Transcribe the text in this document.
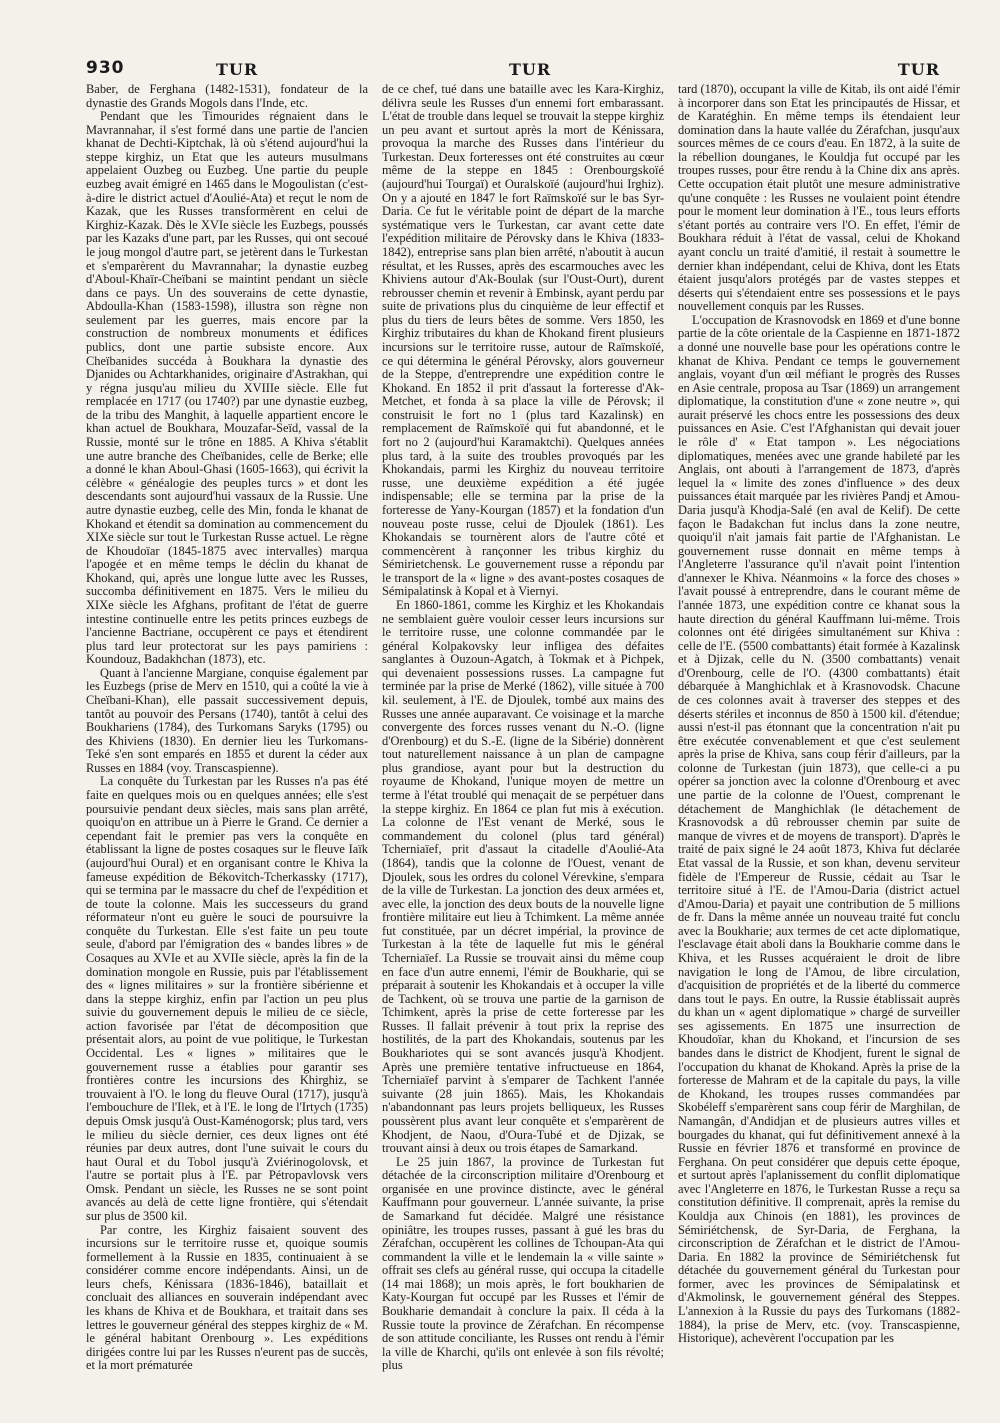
930	TUR	TUR	TUR

Baber, de Ferghana (1482-1531), fondateur de la dynastie des Grands Mogols dans l'Inde, etc.

Pendant que les Timourides régnaient dans le Mavrannahar, il s'est formé dans une partie de l'ancien khanat de Dechti-Kiptchak, là où s'étend aujourd'hui la steppe kirghiz, un Etat que les auteurs musulmans appelaient Ouzbeg ou Euzbeg. Une partie du peuple euzbeg avait émigré en 1465 dans le Mogoulistan (c'est-à-dire le district actuel d'Aoulié-Ata) et reçut le nom de Kazak, que les Russes transformèrent en celui de Kirghiz-Kazak. Dès le XVIe siècle les Euzbegs, poussés par les Kazaks d'une part, par les Russes, qui ont secoué le joug mongol d'autre part, se jetèrent dans le Turkestan et s'emparèrent du Mavrannahar; la dynastie euzbeg d'Aboul-Khaïr-Cheïbani se maintint pendant un siècle dans ce pays. Un des souverains de cette dynastie, Abdoulla-Khan (1583-1598), illustra son règne non seulement par les guerres, mais encore par la construction de nombreux monuments et édifices publics, dont une partie subsiste encore. Aux Cheïbanides succéda à Boukhara la dynastie des Djanides ou Achtarkhanides, originaire d'Astrakhan, qui y régna jusqu'au milieu du XVIIIe siècle. Elle fut remplacée en 1717 (ou 1740?) par une dynastie euzbeg, de la tribu des Manghit, à laquelle appartient encore le khan actuel de Boukhara, Mouzafar-Seïd, vassal de la Russie, monté sur le trône en 1885. A Khiva s'établit une autre branche des Cheïbanides, celle de Berke; elle a donné le khan Aboul-Ghasi (1605-1663), qui écrivit la célèbre « généalogie des peuples turcs » et dont les descendants sont aujourd'hui vassaux de la Russie. Une autre dynastie euzbeg, celle des Min, fonda le khanat de Khokand et étendit sa domination au commencement du XIXe siècle sur tout le Turkestan Russe actuel. Le règne de Khoudoïar (1845-1875 avec intervalles) marqua l'apogée et en même temps le déclin du khanat de Khokand, qui, après une longue lutte avec les Russes, succomba définitivement en 1875. Vers le milieu du XIXe siècle les Afghans, profitant de l'état de guerre intestine continuelle entre les petits princes euzbegs de l'ancienne Bactriane, occupèrent ce pays et étendirent plus tard leur protectorat sur les pays pamiriens : Koundouz, Badakhchan (1873), etc.

Quant à l'ancienne Margiane, conquise également par les Euzbegs (prise de Merv en 1510, qui a coûté la vie à Cheïbani-Khan), elle passait successivement depuis, tantôt au pouvoir des Persans (1740), tantôt à celui des Boukhariens (1784), des Turkomans Saryks (1795) ou des Khiviens (1830). En dernier lieu les Turkomans-Teké s'en sont emparés en 1855 et durent la céder aux Russes en 1884 (voy. Transcaspienne).

La conquête du Turkestan par les Russes n'a pas été faite en quelques mois ou en quelques années; elle s'est poursuivie pendant deux siècles, mais sans plan arrêté, quoiqu'on en attribue un à Pierre le Grand. Ce dernier a cependant fait le premier pas vers la conquête en établissant la ligne de postes cosaques sur le fleuve Iaïk (aujourd'hui Oural) et en organisant contre le Khiva la fameuse expédition de Békovitch-Tcherkassky (1717), qui se termina par le massacre du chef de l'expédition et de toute la colonne. Mais les successeurs du grand réformateur n'ont eu guère le souci de poursuivre la conquête du Turkestan. Elle s'est faite un peu toute seule, d'abord par l'émigration des « bandes libres » de Cosaques au XVIe et au XVIIe siècle, après la fin de la domination mongole en Russie, puis par l'établissement des « lignes militaires » sur la frontière sibérienne et dans la steppe kirghiz, enfin par l'action un peu plus suivie du gouvernement depuis le milieu de ce siècle, action favorisée par l'état de décomposition que présentait alors, au point de vue politique, le Turkestan Occidental. Les « lignes » militaires que le gouvernement russe a établies pour garantir ses frontières contre les incursions des Khirghiz, se trouvaient à l'O. le long du fleuve Oural (1717), jusqu'à l'embouchure de l'Ilek, et à l'E. le long de l'Irtych (1735) depuis Omsk jusqu'à Oust-Kaménogorsk; plus tard, vers le milieu du siècle dernier, ces deux lignes ont été réunies par deux autres, dont l'une suivait le cours du haut Oural et du Tobol jusqu'à Zviérinogolovsk, et l'autre se portait plus à l'E. par Pétropavlovsk vers Omsk. Pendant un siècle, les Russes ne se sont point avancés au delà de cette ligne frontière, qui s'étendait sur plus de 3500 kil.

Par contre, les Kirghiz faisaient souvent des incursions sur le territoire russe et, quoique soumis formellement à la Russie en 1835, continuaient à se considérer comme encore indépendants. Ainsi, un de leurs chefs, Kénissara (1836-1846), bataillait et concluait des alliances en souverain indépendant avec les khans de Khiva et de Boukhara, et traitait dans ses lettres le gouverneur général des steppes kirghiz de « M. le général habitant Orenbourg ». Les expéditions dirigées contre lui par les Russes n'eurent pas de succès, et la mort prématurée

de ce chef, tué dans une bataille avec les Kara-Kirghiz, délivra seule les Russes d'un ennemi fort embarassant. L'état de trouble dans lequel se trouvait la steppe kirghiz un peu avant et surtout après la mort de Kénissara, provoqua la marche des Russes dans l'intérieur du Turkestan. Deux forteresses ont été construites au cœur même de la steppe en 1845 : Orenbourgskoïé (aujourd'hui Tourgaï) et Ouralskoïé (aujourd'hui Irghiz). On y a ajouté en 1847 le fort Raïmskoïé sur le bas Syr-Daria. Ce fut le véritable point de départ de la marche systématique vers le Turkestan, car avant cette date l'expédition militaire de Pérovsky dans le Khiva (1833-1842), entreprise sans plan bien arrêté, n'aboutit à aucun résultat, et les Russes, après des escarmouches avec les Khiviens autour d'Ak-Boulak (sur l'Oust-Ourt), durent rebrousser chemin et revenir à Embinsk, ayant perdu par suite de privations plus du cinquième de leur effectif et plus du tiers de leurs bêtes de somme. Vers 1850, les Kirghiz tributaires du khan de Khokand firent plusieurs incursions sur le territoire russe, autour de Raïmskoïé, ce qui détermina le général Pérovsky, alors gouverneur de la Steppe, d'entreprendre une expédition contre le Khokand. En 1852 il prit d'assaut la forteresse d'Ak-Metchet, et fonda à sa place la ville de Pérovsk; il construisit le fort no 1 (plus tard Kazalinsk) en remplacement de Raïmskoïé qui fut abandonné, et le fort no 2 (aujourd'hui Karamaktchi). Quelques années plus tard, à la suite des troubles provoqués par les Khokandais, parmi les Kirghiz du nouveau territoire russe, une deuxième expédition a été jugée indispensable; elle se termina par la prise de la forteresse de Yany-Kourgan (1857) et la fondation d'un nouveau poste russe, celui de Djoulek (1861). Les Khokandais se tournèrent alors de l'autre côté et commencèrent à rançonner les tribus kirghiz du Sémirietchensk. Le gouvernement russe a répondu par le transport de la « ligne » des avant-postes cosaques de Sémipalatinsk à Kopal et à Viernyi.

En 1860-1861, comme les Kirghiz et les Khokandais ne semblaient guère vouloir cesser leurs incursions sur le territoire russe, une colonne commandée par le général Kolpakovsky leur infligea des défaites sanglantes à Ouzoun-Agatch, à Tokmak et à Pichpek, qui devenaient possessions russes. La campagne fut terminée par la prise de Merké (1862), ville située à 700 kil. seulement, à l'E. de Djoulek, tombé aux mains des Russes une année auparavant. Ce voisinage et la marche convergente des forces russes venant du N.-O. (ligne d'Orenbourg) et du S.-E. (ligne de la Sibérie) donnèrent tout naturellement naissance à un plan de campagne plus grandiose, ayant pour but la destruction du royaume de Khokand, l'unique moyen de mettre un terme à l'état troublé qui menaçait de se perpétuer dans la steppe kirghiz. En 1864 ce plan fut mis à exécution. La colonne de l'Est venant de Merké, sous le commandement du colonel (plus tard général) Tcherniaïef, prit d'assaut la citadelle d'Aoulié-Ata (1864), tandis que la colonne de l'Ouest, venant de Djoulek, sous les ordres du colonel Vérevkine, s'empara de la ville de Turkestan. La jonction des deux armées et, avec elle, la jonction des deux bouts de la nouvelle ligne frontière militaire eut lieu à Tchimkent. La même année fut constituée, par un décret impérial, la province de Turkestan à la tête de laquelle fut mis le général Tcherniaïef. La Russie se trouvait ainsi du même coup en face d'un autre ennemi, l'émir de Boukharie, qui se préparait à soutenir les Khokandais et à occuper la ville de Tachkent, où se trouva une partie de la garnison de Tchimkent, après la prise de cette forteresse par les Russes. Il fallait prévenir à tout prix la reprise des hostilités, de la part des Khokandais, soutenus par les Boukhariotes qui se sont avancés jusqu'à Khodjent. Après une première tentative infructueuse en 1864, Tcherniaïef parvint à s'emparer de Tachkent l'année suivante (28 juin 1865). Mais, les Khokandais n'abandonnant pas leurs projets belliqueux, les Russes poussèrent plus avant leur conquête et s'emparèrent de Khodjent, de Naou, d'Oura-Tubé et de Djizak, se trouvant ainsi à deux ou trois étapes de Samarkand.

Le 25 juin 1867, la province de Turkestan fut détachée de la circonscription militaire d'Orenbourg et organisée en une province distincte, avec le général Kauffmann pour gouverneur. L'année suivante, la prise de Samarkand fut décidée. Malgré une résistance opiniâtre, les troupes russes, passant à gué les bras du Zérafchan, occupèrent les collines de Tchoupan-Ata qui commandent la ville et le lendemain la « ville sainte » offrait ses clefs au général russe, qui occupa la citadelle (14 mai 1868); un mois après, le fort boukharien de Katy-Kourgan fut occupé par les Russes et l'émir de Boukharie demandait à conclure la paix. Il céda à la Russie toute la province de Zérafchan. En récompense de son attitude conciliante, les Russes ont rendu à l'émir la ville de Kharchi, qu'ils ont enlevée à son fils révolté; plus

tard (1870), occupant la ville de Kitab, ils ont aidé l'émir à incorporer dans son Etat les principautés de Hissar, et de Karatéghin. En même temps ils étendaient leur domination dans la haute vallée du Zérafchan, jusqu'aux sources mêmes de ce cours d'eau. En 1872, à la suite de la rébellion dounganes, le Kouldja fut occupé par les troupes russes, pour être rendu à la Chine dix ans après. Cette occupation était plutôt une mesure administrative qu'une conquête : les Russes ne voulaient point étendre pour le moment leur domination à l'E., tous leurs efforts s'étant portés au contraire vers l'O. En effet, l'émir de Boukhara réduit à l'état de vassal, celui de Khokand ayant conclu un traité d'amitié, il restait à soumettre le dernier khan indépendant, celui de Khiva, dont les Etats étaient jusqu'alors protégés par de vastes steppes et déserts qui s'étendaient entre ses possessions et le pays nouvellement conquis par les Russes.

L'occupation de Krasnovodsk en 1869 et d'une bonne partie de la côte orientale de la Caspienne en 1871-1872 a donné une nouvelle base pour les opérations contre le khanat de Khiva. Pendant ce temps le gouvernement anglais, voyant d'un œil méfiant le progrès des Russes en Asie centrale, proposa au Tsar (1869) un arrangement diplomatique, la constitution d'une « zone neutre », qui aurait préservé les chocs entre les possessions des deux puissances en Asie. C'est l'Afghanistan qui devait jouer le rôle d' « Etat tampon ». Les négociations diplomatiques, menées avec une grande habileté par les Anglais, ont abouti à l'arrangement de 1873, d'après lequel la « limite des zones d'influence » des deux puissances était marquée par les rivières Pandj et Amou-Daria jusqu'à Khodja-Salé (en aval de Kelif). De cette façon le Badakchan fut inclus dans la zone neutre, quoiqu'il n'ait jamais fait partie de l'Afghanistan. Le gouvernement russe donnait en même temps à l'Angleterre l'assurance qu'il n'avait point l'intention d'annexer le Khiva. Néanmoins « la force des choses » l'avait poussé à entreprendre, dans le courant même de l'année 1873, une expédition contre ce khanat sous la haute direction du général Kauffmann lui-même. Trois colonnes ont été dirigées simultanément sur Khiva : celle de l'E. (5500 combattants) était formée à Kazalinsk et à Djizak, celle du N. (3500 combattants) venait d'Orenbourg, celle de l'O. (4300 combattants) était débarquée à Manghichlak et à Krasnovodsk. Chacune de ces colonnes avait à traverser des steppes et des déserts stériles et inconnus de 850 à 1500 kil. d'étendue; aussi n'est-il pas étonnant que la concentration n'ait pu être exécutée convenablement et que c'est seulement après la prise de Khiva, sans coup férir d'ailleurs, par la colonne de Turkestan (juin 1873), que celle-ci a pu opérer sa jonction avec la colonne d'Orenbourg et avec une partie de la colonne de l'Ouest, comprenant le détachement de Manghichlak (le détachement de Krasnovodsk a dû rebrousser chemin par suite de manque de vivres et de moyens de transport). D'après le traité de paix signé le 24 août 1873, Khiva fut déclarée Etat vassal de la Russie, et son khan, devenu serviteur fidèle de l'Empereur de Russie, cédait au Tsar le territoire situé à l'E. de l'Amou-Daria (district actuel d'Amou-Daria) et payait une contribution de 5 millions de fr. Dans la même année un nouveau traité fut conclu avec la Boukharie; aux termes de cet acte diplomatique, l'esclavage était aboli dans la Boukharie comme dans le Khiva, et les Russes acquéraient le droit de libre navigation le long de l'Amou, de libre circulation, d'acquisition de propriétés et de la liberté du commerce dans tout le pays. En outre, la Russie établissait auprès du khan un « agent diplomatique » chargé de surveiller ses agissements. En 1875 une insurrection de Khoudoïar, khan du Khokand, et l'incursion de ses bandes dans le district de Khodjent, furent le signal de l'occupation du khanat de Khokand. Après la prise de la forteresse de Mahram et de la capitale du pays, la ville de Khokand, les troupes russes commandées par Skobéleff s'emparèrent sans coup férir de Marghilan, de Namangân, d'Andidjan et de plusieurs autres villes et bourgades du khanat, qui fut définitivement annexé à la Russie en février 1876 et transformé en province de Ferghana. On peut considérer que depuis cette époque, et surtout après l'aplanissement du conflit diplomatique avec l'Angleterre en 1876, le Turkestan Russe a reçu sa constitution définitive. Il comprenait, après la remise du Kouldja aux Chinois (en 1881), les provinces de Sémiriétchensk, de Syr-Daria, de Ferghana, la circonscription de Zérafchan et le district de l'Amou-Daria. En 1882 la province de Sémiriétchensk fut détachée du gouvernement général du Turkestan pour former, avec les provinces de Sémipalatinsk et d'Akmolinsk, le gouvernement général des Steppes. L'annexion à la Russie du pays des Turkomans (1882-1884), la prise de Merv, etc. (voy. Transcaspienne, Historique), achevèrent l'occupation par les
